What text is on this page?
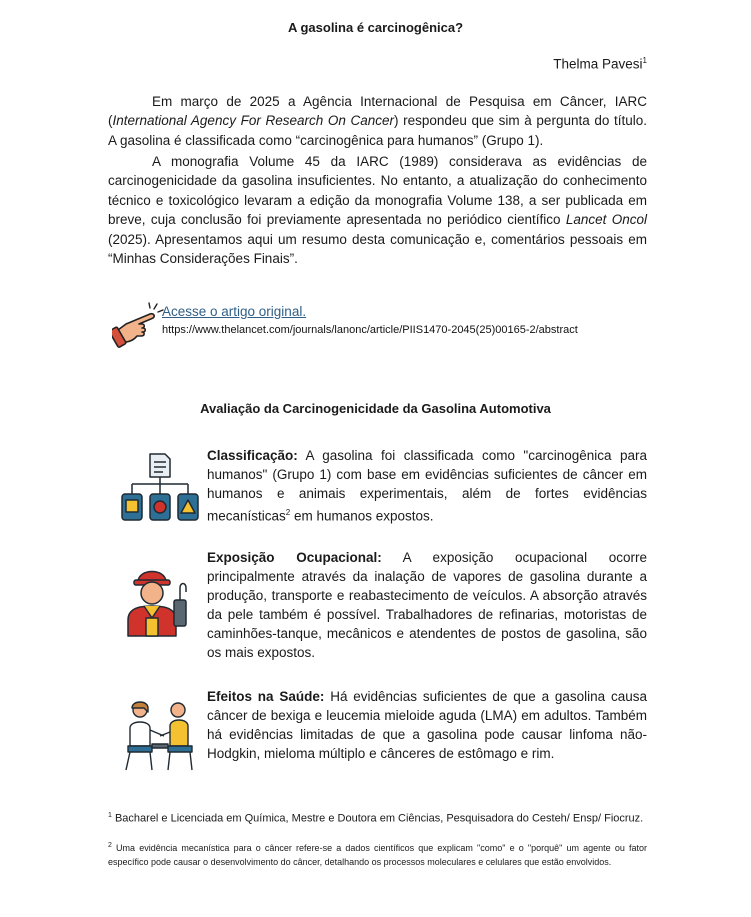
A gasolina é carcinogênica?
Thelma Pavesi$^1$

Em março de 2025 a Agência Internacional de Pesquisa em Câncer, IARC (International Agency For Research On Cancer) respondeu que sim à pergunta do título. A gasolina é classificada como “carcinogênica para humanos” (Grupo 1).

A monografia Volume 45 da IARC (1989) considerava as evidências de carcinogenicidade da gasolina insuficientes. No entanto, a atualização do conhecimento técnico e toxicológico levaram a edição da monografia Volume 138, a ser publicada em breve, cuja conclusão foi previamente apresentada no periódico científico Lancet Oncol (2025). Apresentamos aqui um resumo desta comunicação e, comentários pessoais em “Minhas Considerações Finais”.

Acesse o artigo original.
https://www.thelancet.com/journals/lanonc/article/PIIS1470-2045(25)00165-2/abstract
Avaliação da Carcinogenicidade da Gasolina Automotiva

Classificação: A gasolina foi classificada como "carcinogênica para humanos" (Grupo 1) com base em evidências suficientes de câncer em humanos e animais experimentais, além de fortes evidências mecanísticas$^2$ em humanos expostos.

Exposição Ocupacional: A exposição ocupacional ocorre principalmente através da inalação de vapores de gasolina durante a produção, transporte e reabastecimento de veículos. A absorção através da pele também é possível. Trabalhadores de refinarias, motoristas de caminhões-tanque, mecânicos e atendentes de postos de gasolina, são os mais expostos.

Efeitos na Saúde: Há evidências suficientes de que a gasolina causa câncer de bexiga e leucemia mieloide aguda (LMA) em adultos. Também há evidências limitadas de que a gasolina pode causar linfoma não-Hodgkin, mieloma múltiplo e cânceres de estômago e rim.

$^1$ Bacharel e Licenciada em Química, Mestre e Doutora em Ciências, Pesquisadora do Cesteh/ Ensp/ Fiocruz.

$^2$ Uma evidência mecanística para o câncer refere-se a dados científicos que explicam "como" e o "porquê" um agente ou fator específico pode causar o desenvolvimento do câncer, detalhando os processos moleculares e celulares que estão envolvidos.
